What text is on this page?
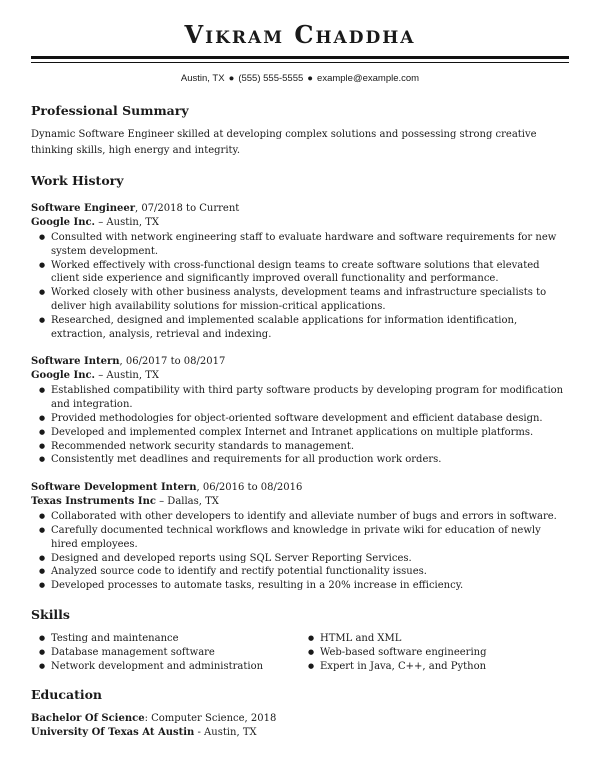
Vikram Chaddha
Austin, TX ● (555) 555-5555 ● example@example.com
Professional Summary
Dynamic Software Engineer skilled at developing complex solutions and possessing strong creative thinking skills, high energy and integrity.
Work History
Software Engineer, 07/2018 to Current
Google Inc. – Austin, TX
● Consulted with network engineering staff to evaluate hardware and software requirements for new system development.
● Worked effectively with cross-functional design teams to create software solutions that elevated client side experience and significantly improved overall functionality and performance.
● Worked closely with other business analysts, development teams and infrastructure specialists to deliver high availability solutions for mission-critical applications.
● Researched, designed and implemented scalable applications for information identification, extraction, analysis, retrieval and indexing.
Software Intern, 06/2017 to 08/2017
Google Inc. – Austin, TX
● Established compatibility with third party software products by developing program for modification and integration.
● Provided methodologies for object-oriented software development and efficient database design.
● Developed and implemented complex Internet and Intranet applications on multiple platforms.
● Recommended network security standards to management.
● Consistently met deadlines and requirements for all production work orders.
Software Development Intern, 06/2016 to 08/2016
Texas Instruments Inc – Dallas, TX
● Collaborated with other developers to identify and alleviate number of bugs and errors in software.
● Carefully documented technical workflows and knowledge in private wiki for education of newly hired employees.
● Designed and developed reports using SQL Server Reporting Services.
● Analyzed source code to identify and rectify potential functionality issues.
● Developed processes to automate tasks, resulting in a 20% increase in efficiency.
Skills
● Testing and maintenance
● Database management software
● Network development and administration
● HTML and XML
● Web-based software engineering
● Expert in Java, C++, and Python
Education
Bachelor Of Science: Computer Science, 2018
University Of Texas At Austin - Austin, TX
